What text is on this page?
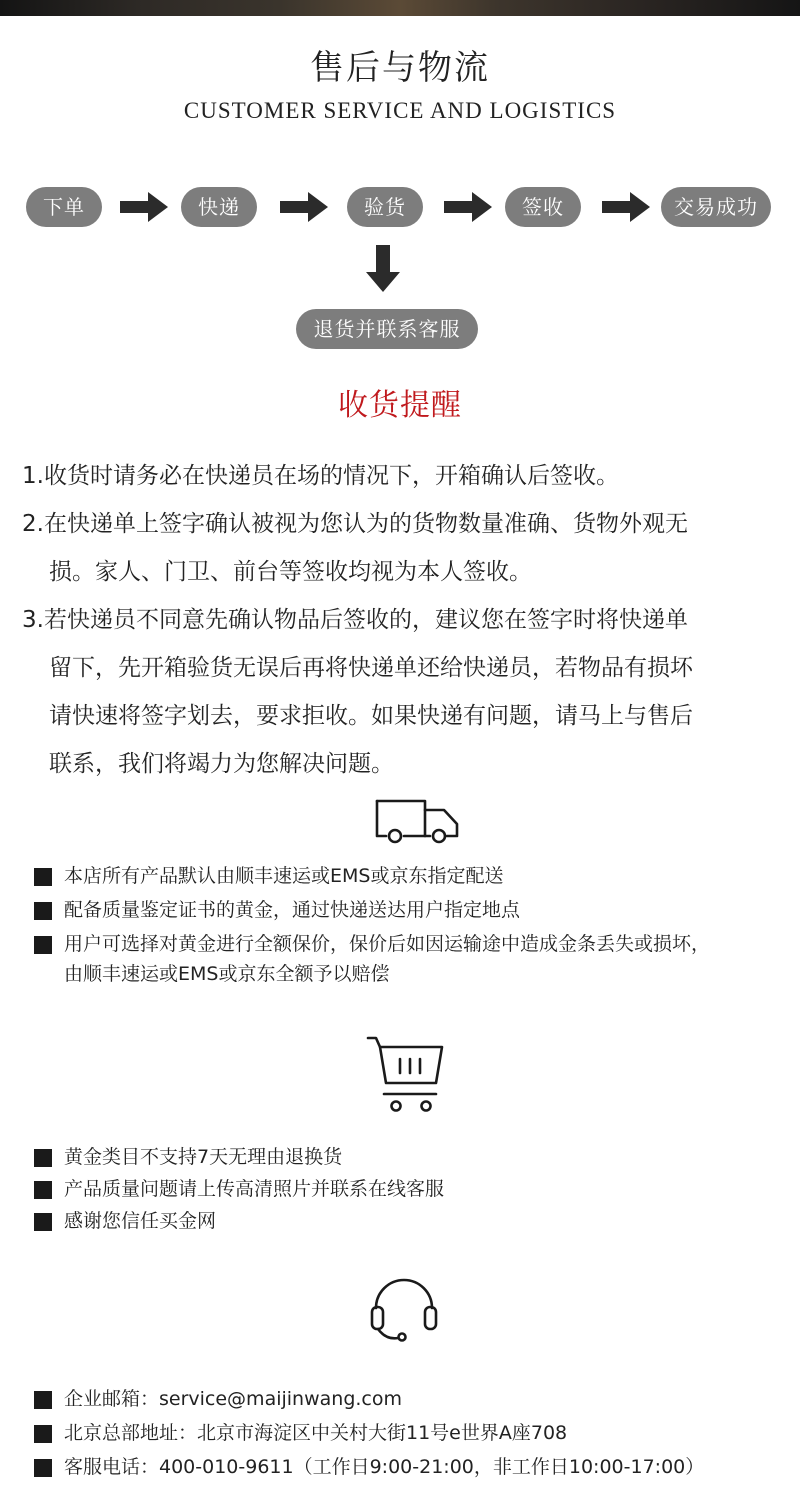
售后与物流
CUSTOMER SERVICE AND LOGISTICS
下单	快递	验货	签收	交易成功
退货并联系客服
收货提醒

1.收货时请务必在快递员在场的情况下，开箱确认后签收。

2.在快递单上签字确认被视为您认为的货物数量准确、货物外观无
损。家人、门卫、前台等签收均视为本人签收。

3.若快递员不同意先确认物品后签收的，建议您在签字时将快递单
留下，先开箱验货无误后再将快递单还给快递员，若物品有损坏
请快速将签字划去，要求拒收。如果快递有问题，请马上与售后
联系，我们将竭力为您解决问题。

本店所有产品默认由顺丰速运或EMS或京东指定配送

配备质量鉴定证书的黄金，通过快递送达用户指定地点

用户可选择对黄金进行全额保价，保价后如因运输途中造成金条丢失或损坏，

由顺丰速运或EMS或京东全额予以赔偿

黄金类目不支持7天无理由退换货

产品质量问题请上传高清照片并联系在线客服

感谢您信任买金网

企业邮箱：service@maijinwang.com

北京总部地址：北京市海淀区中关村大街11号e世界A座708

客服电话：400-010-9611（工作日9:00-21:00，非工作日10:00-17:00）
